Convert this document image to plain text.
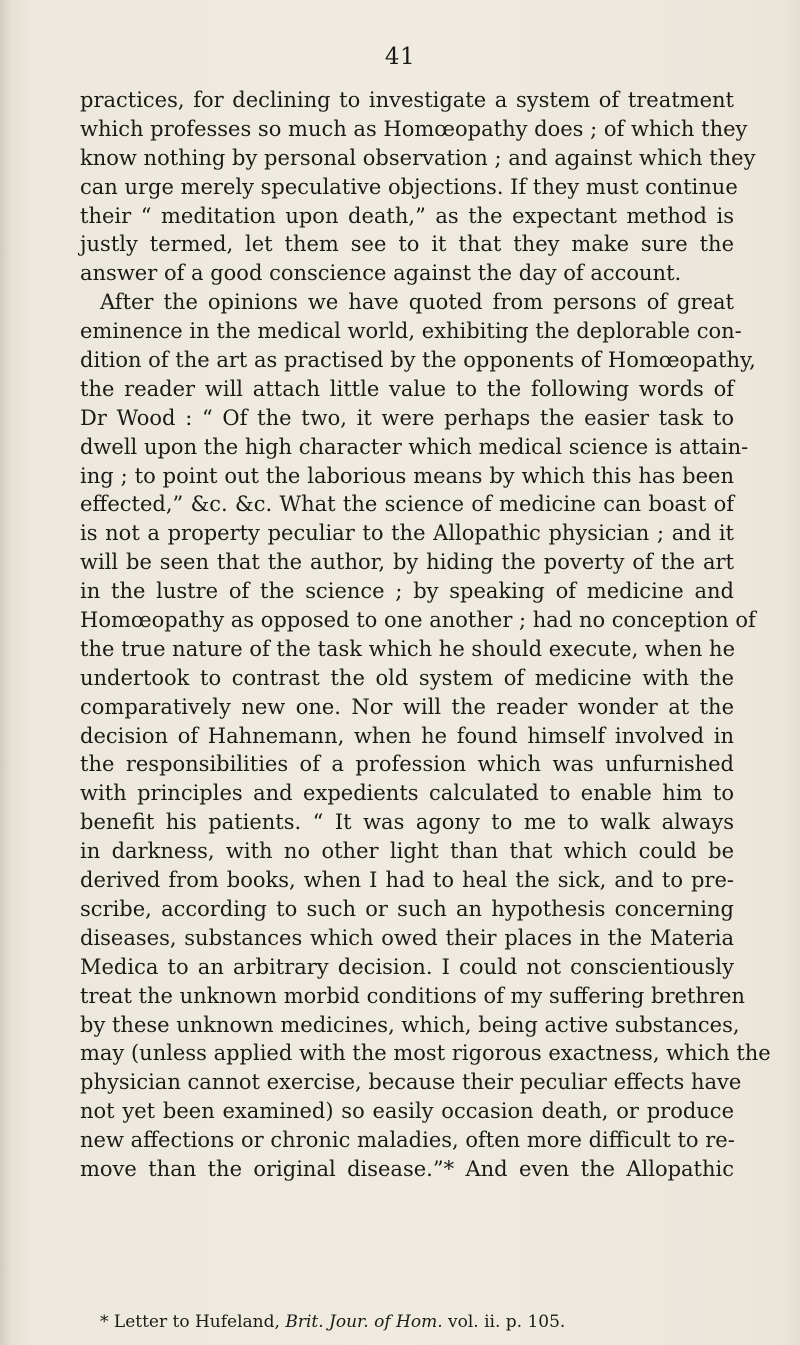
41
practices, for declining to investigate a system of treatment
which professes so much as Homœopathy does ; of which they
know nothing by personal observation ; and against which they
can urge merely speculative objections. If they must continue
their “ meditation upon death,” as the expectant method is
justly termed, let them see to it that they make sure the
answer of a good conscience against the day of account.
After the opinions we have quoted from persons of great
eminence in the medical world, exhibiting the deplorable con-
dition of the art as practised by the opponents of Homœopathy,
the reader will attach little value to the following words of
Dr Wood : “ Of the two, it were perhaps the easier task to
dwell upon the high character which medical science is attain-
ing ; to point out the laborious means by which this has been
effected,” &c. &c. What the science of medicine can boast of
is not a property peculiar to the Allopathic physician ; and it
will be seen that the author, by hiding the poverty of the art
in the lustre of the science ; by speaking of medicine and
Homœopathy as opposed to one another ; had no conception of
the true nature of the task which he should execute, when he
undertook to contrast the old system of medicine with the
comparatively new one. Nor will the reader wonder at the
decision of Hahnemann, when he found himself involved in
the responsibilities of a profession which was unfurnished
with principles and expedients calculated to enable him to
benefit his patients. “ It was agony to me to walk always
in darkness, with no other light than that which could be
derived from books, when I had to heal the sick, and to pre-
scribe, according to such or such an hypothesis concerning
diseases, substances which owed their places in the Materia
Medica to an arbitrary decision. I could not conscientiously
treat the unknown morbid conditions of my suffering brethren
by these unknown medicines, which, being active substances,
may (unless applied with the most rigorous exactness, which the
physician cannot exercise, because their peculiar effects have
not yet been examined) so easily occasion death, or produce
new affections or chronic maladies, often more difficult to re-
move than the original disease.”* And even the Allopathic
* Letter to Hufeland, Brit. Jour. of Hom. vol. ii. p. 105.
